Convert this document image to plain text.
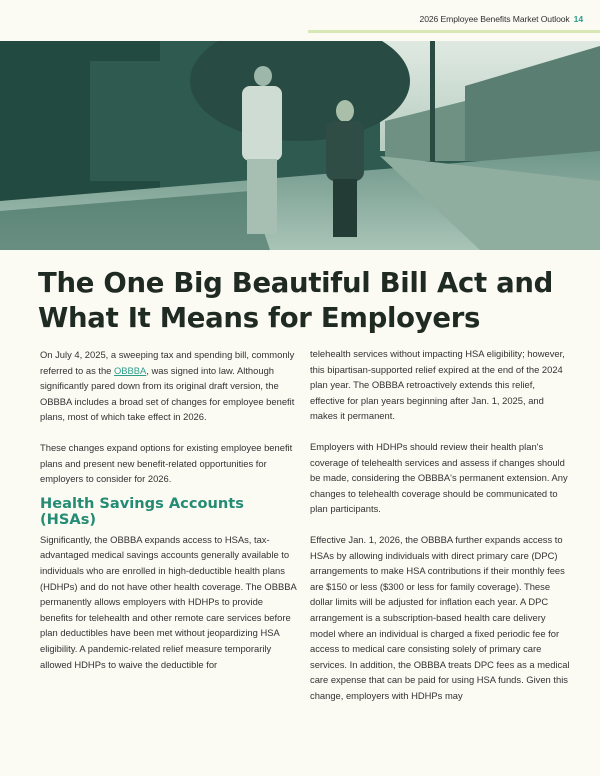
2026 Employee Benefits Market Outlook 14
The One Big Beautiful Bill Act and
What It Means for Employers

On July 4, 2025, a sweeping tax and spending bill, commonly referred to as the OBBBA, was signed into law. Although significantly pared down from its original draft version, the OBBBA includes a broad set of changes for employee benefit plans, most of which take effect in 2026.

These changes expand options for existing employee benefit plans and present new benefit-related opportunities for employers to consider for 2026.

Health Savings Accounts (HSAs)

Significantly, the OBBBA expands access to HSAs, tax-advantaged medical savings accounts generally available to individuals who are enrolled in high-deductible health plans (HDHPs) and do not have other health coverage. The OBBBA permanently allows employers with HDHPs to provide benefits for telehealth and other remote care services before plan deductibles have been met without jeopardizing HSA eligibility. A pandemic-related relief measure temporarily allowed HDHPs to waive the deductible for

telehealth services without impacting HSA eligibility; however, this bipartisan-supported relief expired at the end of the 2024 plan year. The OBBBA retroactively extends this relief, effective for plan years beginning after Jan. 1, 2025, and makes it permanent.

Employers with HDHPs should review their health plan's coverage of telehealth services and assess if changes should be made, considering the OBBBA's permanent extension. Any changes to telehealth coverage should be communicated to plan participants.

Effective Jan. 1, 2026, the OBBBA further expands access to HSAs by allowing individuals with direct primary care (DPC) arrangements to make HSA contributions if their monthly fees are $150 or less ($300 or less for family coverage). These dollar limits will be adjusted for inflation each year. A DPC arrangement is a subscription-based health care delivery model where an individual is charged a fixed periodic fee for access to medical care consisting solely of primary care services. In addition, the OBBBA treats DPC fees as a medical care expense that can be paid for using HSA funds. Given this change, employers with HDHPs may
